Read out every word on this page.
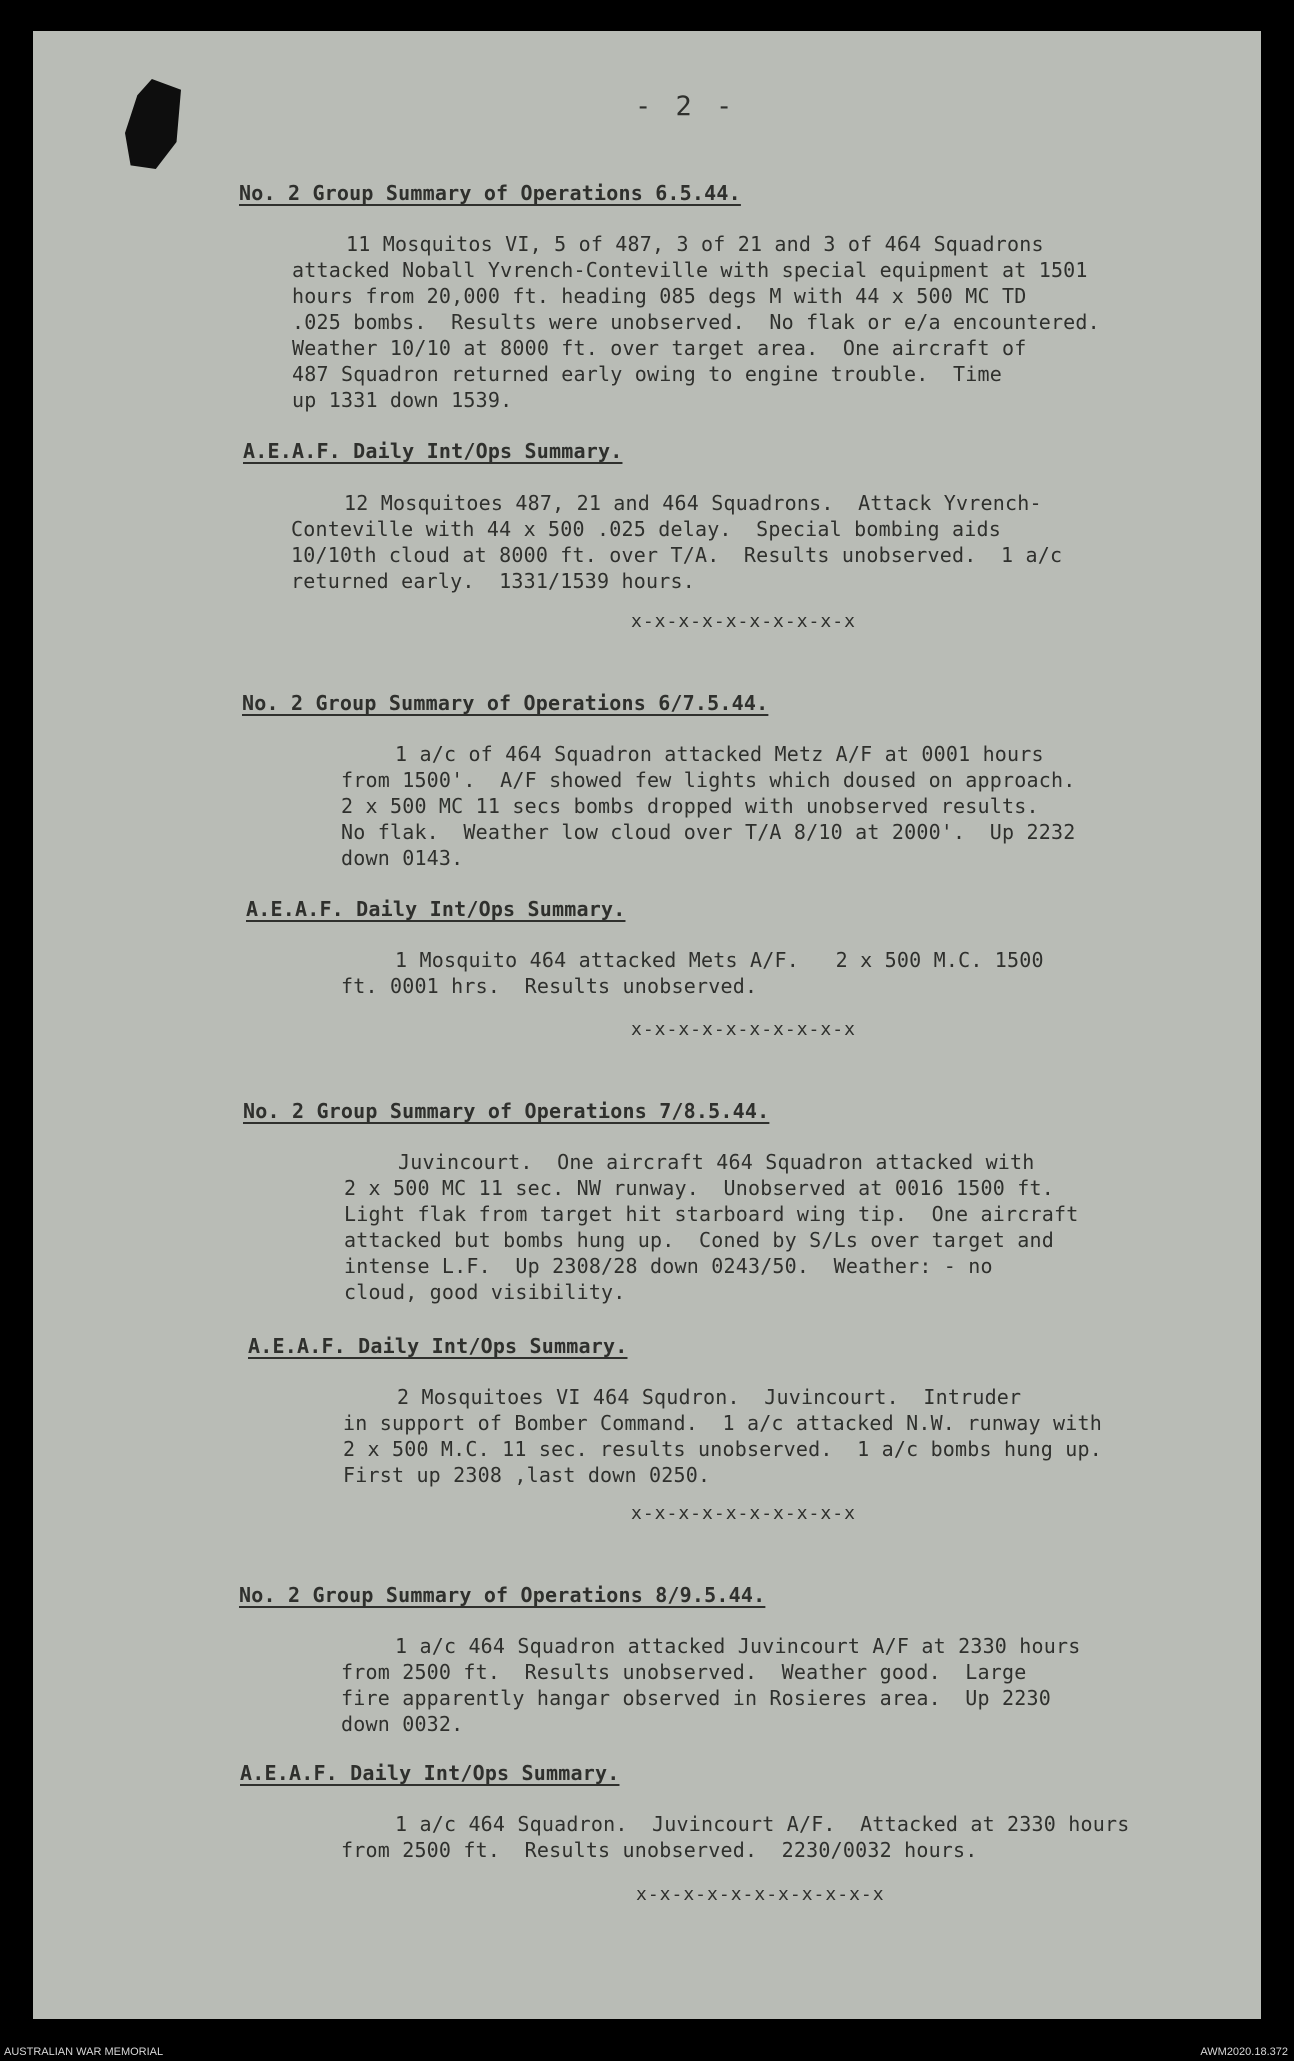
- 2 -
No. 2 Group Summary of Operations 6.5.44.
11 Mosquitos VI, 5 of 487, 3 of 21 and 3 of 464 Squadrons
attacked Noball Yvrench-Conteville with special equipment at 1501
hours from 20,000 ft. heading 085 degs M with 44 x 500 MC TD
.025 bombs.  Results were unobserved.  No flak or e/a encountered.
Weather 10/10 at 8000 ft. over target area.  One aircraft of
487 Squadron returned early owing to engine trouble.  Time
up 1331 down 1539.
A.E.A.F. Daily Int/Ops Summary.
12 Mosquitoes 487, 21 and 464 Squadrons.  Attack Yvrench-
Conteville with 44 x 500 .025 delay.  Special bombing aids
10/10th cloud at 8000 ft. over T/A.  Results unobserved.  1 a/c
returned early.  1331/1539 hours.
x-x-x-x-x-x-x-x-x-x
No. 2 Group Summary of Operations 6/7.5.44.
1 a/c of 464 Squadron attacked Metz A/F at 0001 hours
from 1500'.  A/F showed few lights which doused on approach.
2 x 500 MC 11 secs bombs dropped with unobserved results.
No flak.  Weather low cloud over T/A 8/10 at 2000'.  Up 2232
down 0143.
A.E.A.F. Daily Int/Ops Summary.
1 Mosquito 464 attacked Mets A/F.   2 x 500 M.C. 1500
ft. 0001 hrs.  Results unobserved.
x-x-x-x-x-x-x-x-x-x
No. 2 Group Summary of Operations 7/8.5.44.
Juvincourt.  One aircraft 464 Squadron attacked with
2 x 500 MC 11 sec. NW runway.  Unobserved at 0016 1500 ft.
Light flak from target hit starboard wing tip.  One aircraft
attacked but bombs hung up.  Coned by S/Ls over target and
intense L.F.  Up 2308/28 down 0243/50.  Weather: - no
cloud, good visibility.
A.E.A.F. Daily Int/Ops Summary.
2 Mosquitoes VI 464 Squdron.  Juvincourt.  Intruder
in support of Bomber Command.  1 a/c attacked N.W. runway with
2 x 500 M.C. 11 sec. results unobserved.  1 a/c bombs hung up.
First up 2308 ,last down 0250.
x-x-x-x-x-x-x-x-x-x
No. 2 Group Summary of Operations 8/9.5.44.
1 a/c 464 Squadron attacked Juvincourt A/F at 2330 hours
from 2500 ft.  Results unobserved.  Weather good.  Large
fire apparently hangar observed in Rosieres area.  Up 2230
down 0032.
A.E.A.F. Daily Int/Ops Summary.
1 a/c 464 Squadron.  Juvincourt A/F.  Attacked at 2330 hours
from 2500 ft.  Results unobserved.  2230/0032 hours.
x-x-x-x-x-x-x-x-x-x-x
AUSTRALIAN WAR MEMORIAL	AWM2020.18.372
